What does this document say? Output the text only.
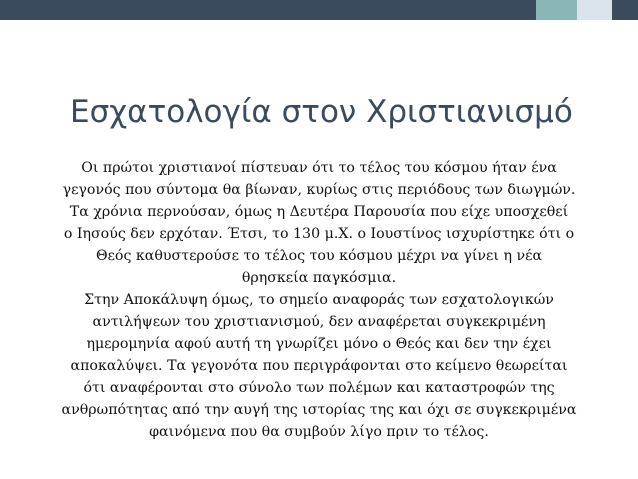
Εσχατολογία στον Χριστιανισμό

Οι πρώτοι χριστιανοί πίστευαν ότι το τέλος του κόσμου ήταν ένα
γεγονός που σύντομα θα βίωναν, κυρίως στις περιόδους των διωγμών.
Τα χρόνια περνούσαν, όμως η Δευτέρα Παρουσία που είχε υποσχεθεί
ο Ιησούς δεν ερχόταν. Έτσι, το 130 μ.Χ. ο Ιουστίνος ισχυρίστηκε ότι ο
Θεός καθυστερούσε το τέλος του κόσμου μέχρι να γίνει η νέα
θρησκεία παγκόσμια.

Στην Αποκάλυψη όμως, το σημείο αναφοράς των εσχατολογικών
αντιλήψεων του χριστιανισμού, δεν αναφέρεται συγκεκριμένη
ημερομηνία αφού αυτή τη γνωρίζει μόνο ο Θεός και δεν την έχει
αποκαλύψει. Τα γεγονότα που περιγράφονται στο κείμενο θεωρείται
ότι αναφέρονται στο σύνολο των πολέμων και καταστροφών της
ανθρωπότητας από την αυγή της ιστορίας της και όχι σε συγκεκριμένα
φαινόμενα που θα συμβούν λίγο πριν το τέλος.
